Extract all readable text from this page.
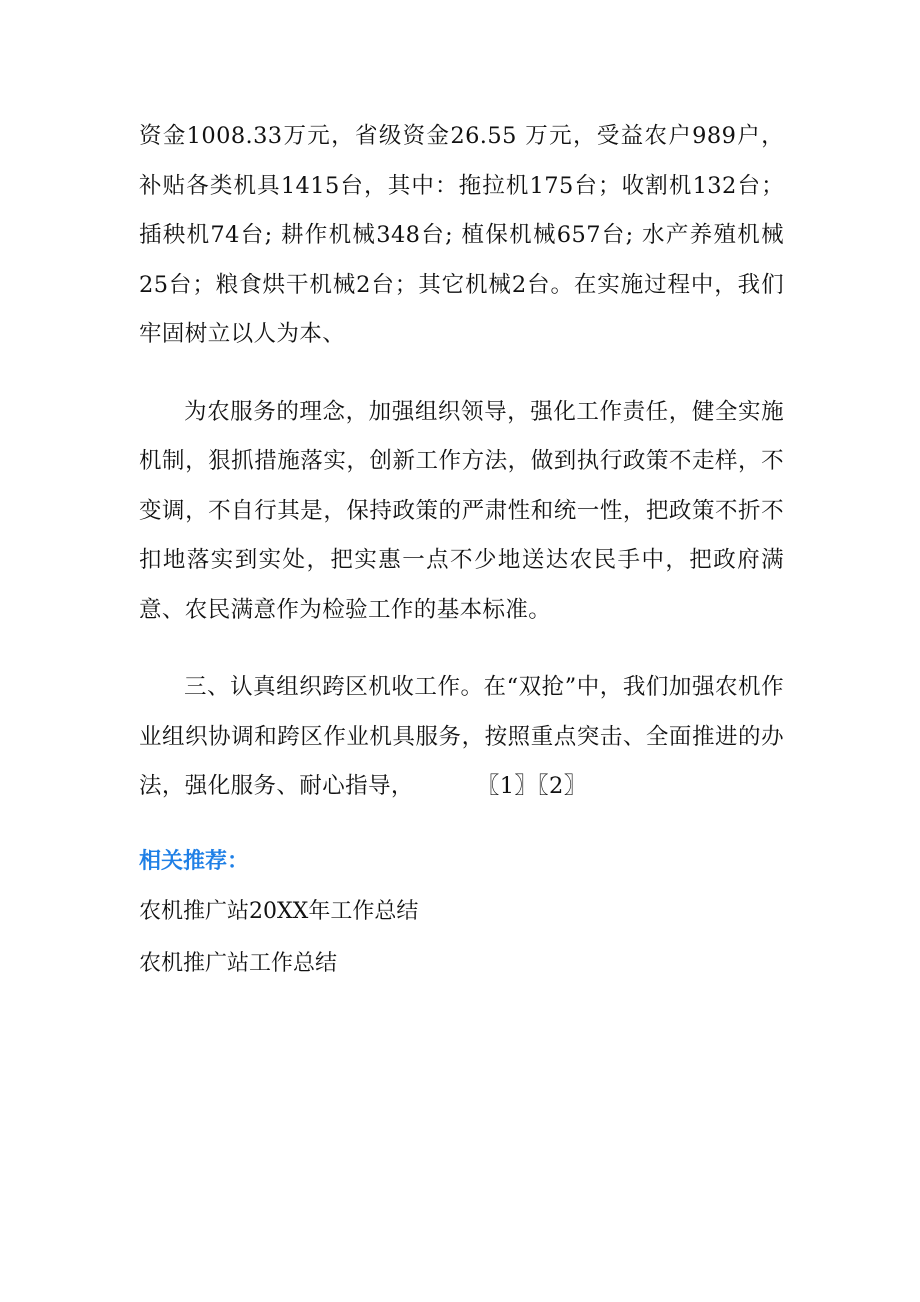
资金1008.33万元，省级资金26.55 万元，受益农户989户，补贴各类机具1415台，其中：拖拉机175台；收割机132台；插秧机74台; 耕作机械348台; 植保机械657台; 水产养殖机械25台；粮食烘干机械2台；其它机械2台。在实施过程中，我们牢固树立以人为本、

为农服务的理念，加强组织领导，强化工作责任，健全实施机制，狠抓措施落实，创新工作方法，做到执行政策不走样，不变调，不自行其是，保持政策的严肃性和统一性，把政策不折不扣地落实到实处，把实惠一点不少地送达农民手中，把政府满意、农民满意作为检验工作的基本标准。

三、认真组织跨区机收工作。在“双抢”中，我们加强农机作业组织协调和跨区作业机具服务，按照重点突击、全面推进的办法，强化服务、耐心指导，	〖1〗〖2〗

相关推荐：
农机推广站20XX年工作总结
农机推广站工作总结
